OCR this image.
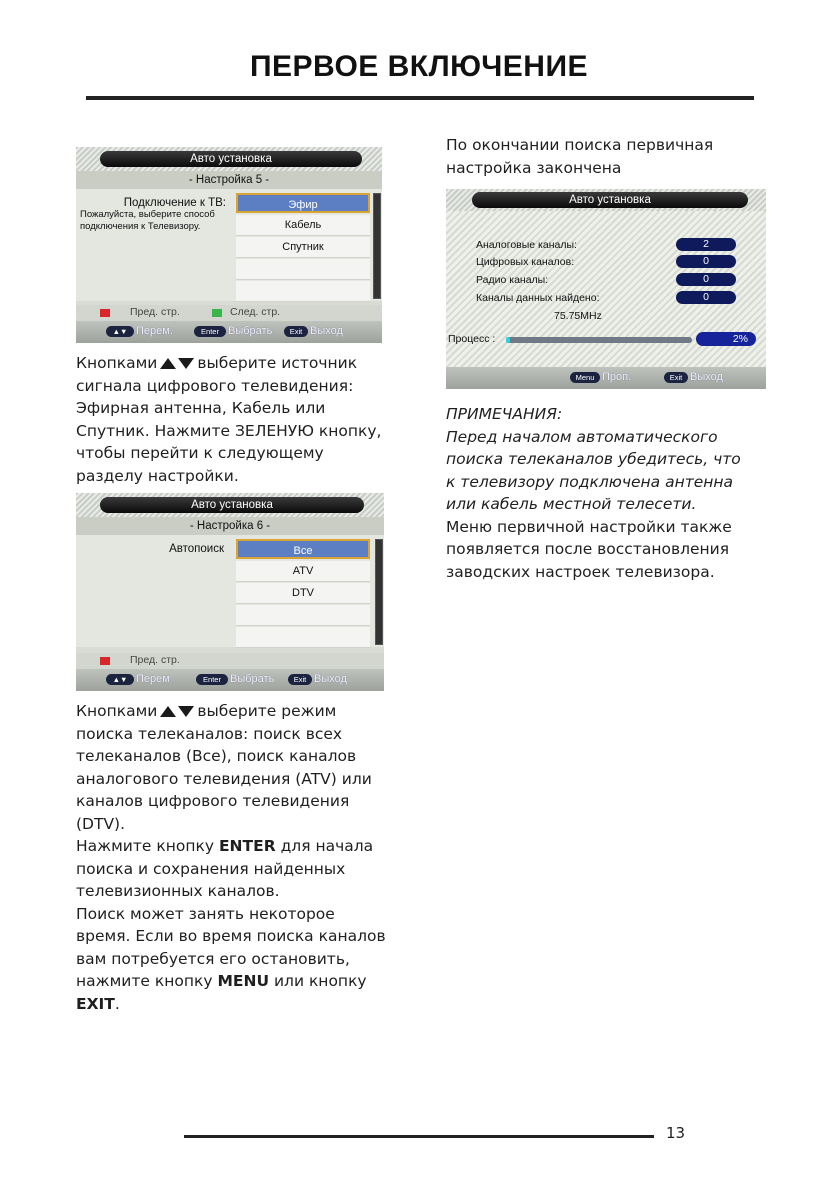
ПЕРВОЕ ВКЛЮЧЕНИЕ
Авто установка
- Настройка 5 -
Подключение к ТВ:
Пожалуйста, выберите способ
подключения к Телевизору.
Эфир
Кабель
Спутник
Пред. стр.	След. стр.
▲▼ Перем.	Enter Выбрать	Exit Выход

Кнопками	выберите источник сигнала цифрового телевидения: Эфирная антенна, Кабель или Спутник. Нажмите ЗЕЛЕНУЮ кнопку, чтобы перейти к следующему разделу настройки.

Авто установка
- Настройка 6 -
Автопоиск	Все
ATV
DTV
Пред. стр.
▲▼ Перем	Enter Выбрать	Exit Выход

Кнопками	выберите режим поиска телеканалов: поиск всех телеканалов (Все), поиск каналов аналогового телевидения (ATV) или каналов цифрового телевидения (DTV).

Нажмите кнопку ENTER для начала поиска и сохранения найденных телевизионных каналов.

Поиск может занять некоторое время. Если во время поиска каналов вам потребуется его остановить, нажмите кнопку MENU или кнопку EXIT.

По окончании поиска первичная настройка закончена

Авто установка
Аналоговые каналы:	2
Цифровых каналов:	0
Радио каналы:	0
Каналы данных найдено:	0
75.75MHz
Процесс :	2%
Menu Проп.	Exit Выход

ПРИМЕЧАНИЯ:

Перед началом автоматического поиска телеканалов убедитесь, что к телевизору подключена антенна или кабель местной телесети.

Меню первичной настройки также появляется после восстановления заводских настроек телевизора.

13
